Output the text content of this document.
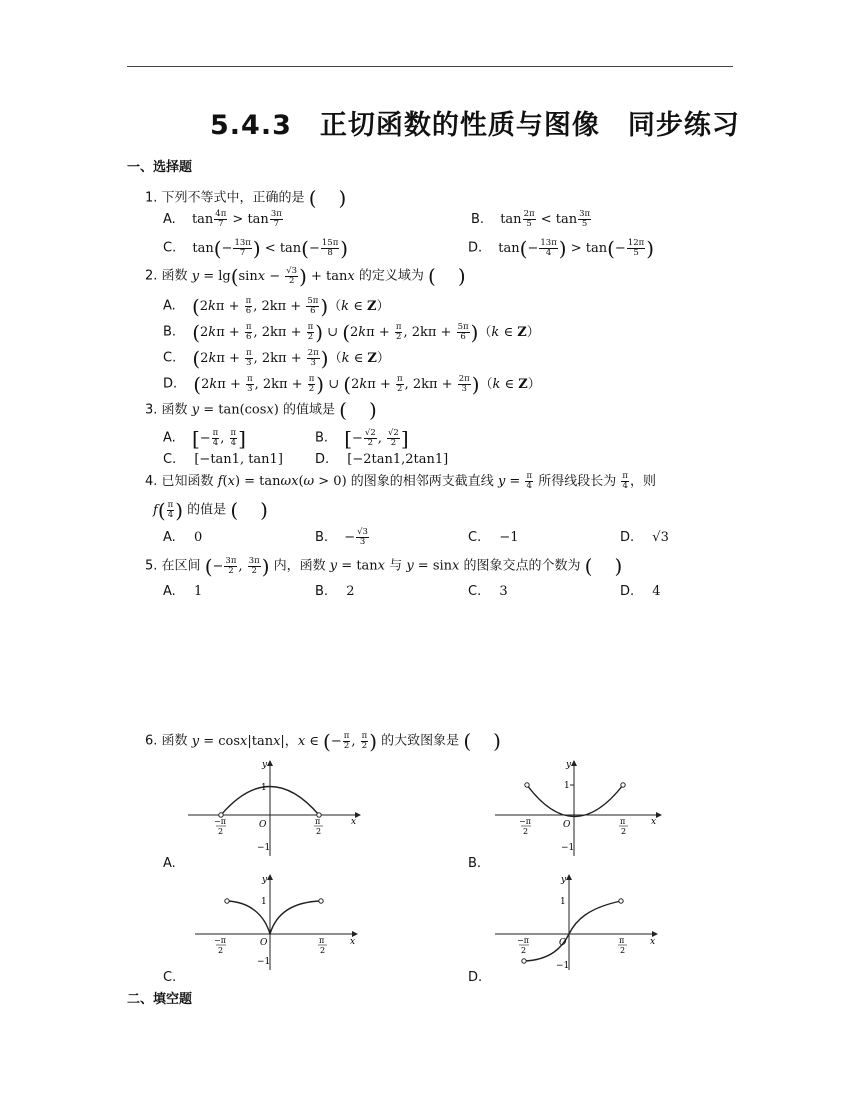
5.4.3　正切函数的性质与图像　同步练习
一、选择题
1. 下列不等式中，正确的是 ( )
A. $\tan \frac{4\pi}{7} > \tan \frac{3\pi}{7}$	B. $\tan \frac{2\pi}{5} < \tan \frac{3\pi}{5}$
C. $\tan(- \frac{13\pi}{7}$ ) < $\tan(- \frac{15\pi}{8}$ )	D. $\tan(- \frac{13\pi}{4}$ ) > $\tan(- \frac{12\pi}{5}$ )
2. 函数 $y = \lg(\sin x - \frac{√3}{2}$ ) + tanx 的定义域为 ( )
A. ($2k\pi + \frac{\pi}{6}$ , $2k\pi + \frac{5\pi}{6} )(k$ ∈ Z）
B. ($2k\pi + \frac{\pi}{6}$ , $2k\pi + \frac{\pi}{2}$ ) ∪ ($2k\pi + \frac{\pi}{2}$ , $2k\pi + \frac{5\pi}{6} )(k$ ∈ Z）
C. ($2k\pi + \frac{\pi}{3}$ , $2k\pi + \frac{2\pi}{3} )(k$ ∈ Z）
D. ($2k\pi + \frac{\pi}{3}$ , $2k\pi + \frac{\pi}{2}$ ) ∪ ($2k\pi + \frac{\pi}{2}$ , $2k\pi + \frac{2\pi}{3} )(k$ ∈ Z）
3. 函数 y = tan(cosx) 的值域是 ( )
A. [− $\frac{\pi}{4}$ , $\frac{\pi}{4}$ ]	B. [− $\frac{√2}{2}$ , $\frac{√2}{2}$ ]
C. [−tan1, tan1] D. [−2tan1,2tan1]
4. 已知函数 f(x) = tanωx(ω > 0) 的图象的相邻两支截直线 $y = \frac{\pi}{4}$ 所得线段长为 $\frac{\pi}{4}$ ，则
$f( \frac{\pi}{4}$ ) 的值是 ( )
A. 0	B. − $\frac{√3}{3}$	C. −1	D. √3
5. 在区间 (− $\frac{3\pi}{2}$ , $\frac{3\pi}{2}$ ) 内，函数 y = tanx 与 y = sinx 的图象交点的个数为 ( )
A. 1	B. 2	C. 3	D. 4
6. 函数 y = cosx|tanx|，x ∈ (− $\frac{\pi}{2}$ , $\frac{\pi}{2}$ ) 的大致图象是 ( )
y
x
O
1
−1
−π
2
π
2
A.
y
x
O
1
−1
−π
2
π
2
B.
y
x
O
1
−1
−π
2
π
2
C.
y
x
O
1
−1
−π
2
π
2
D.
二、填空题
